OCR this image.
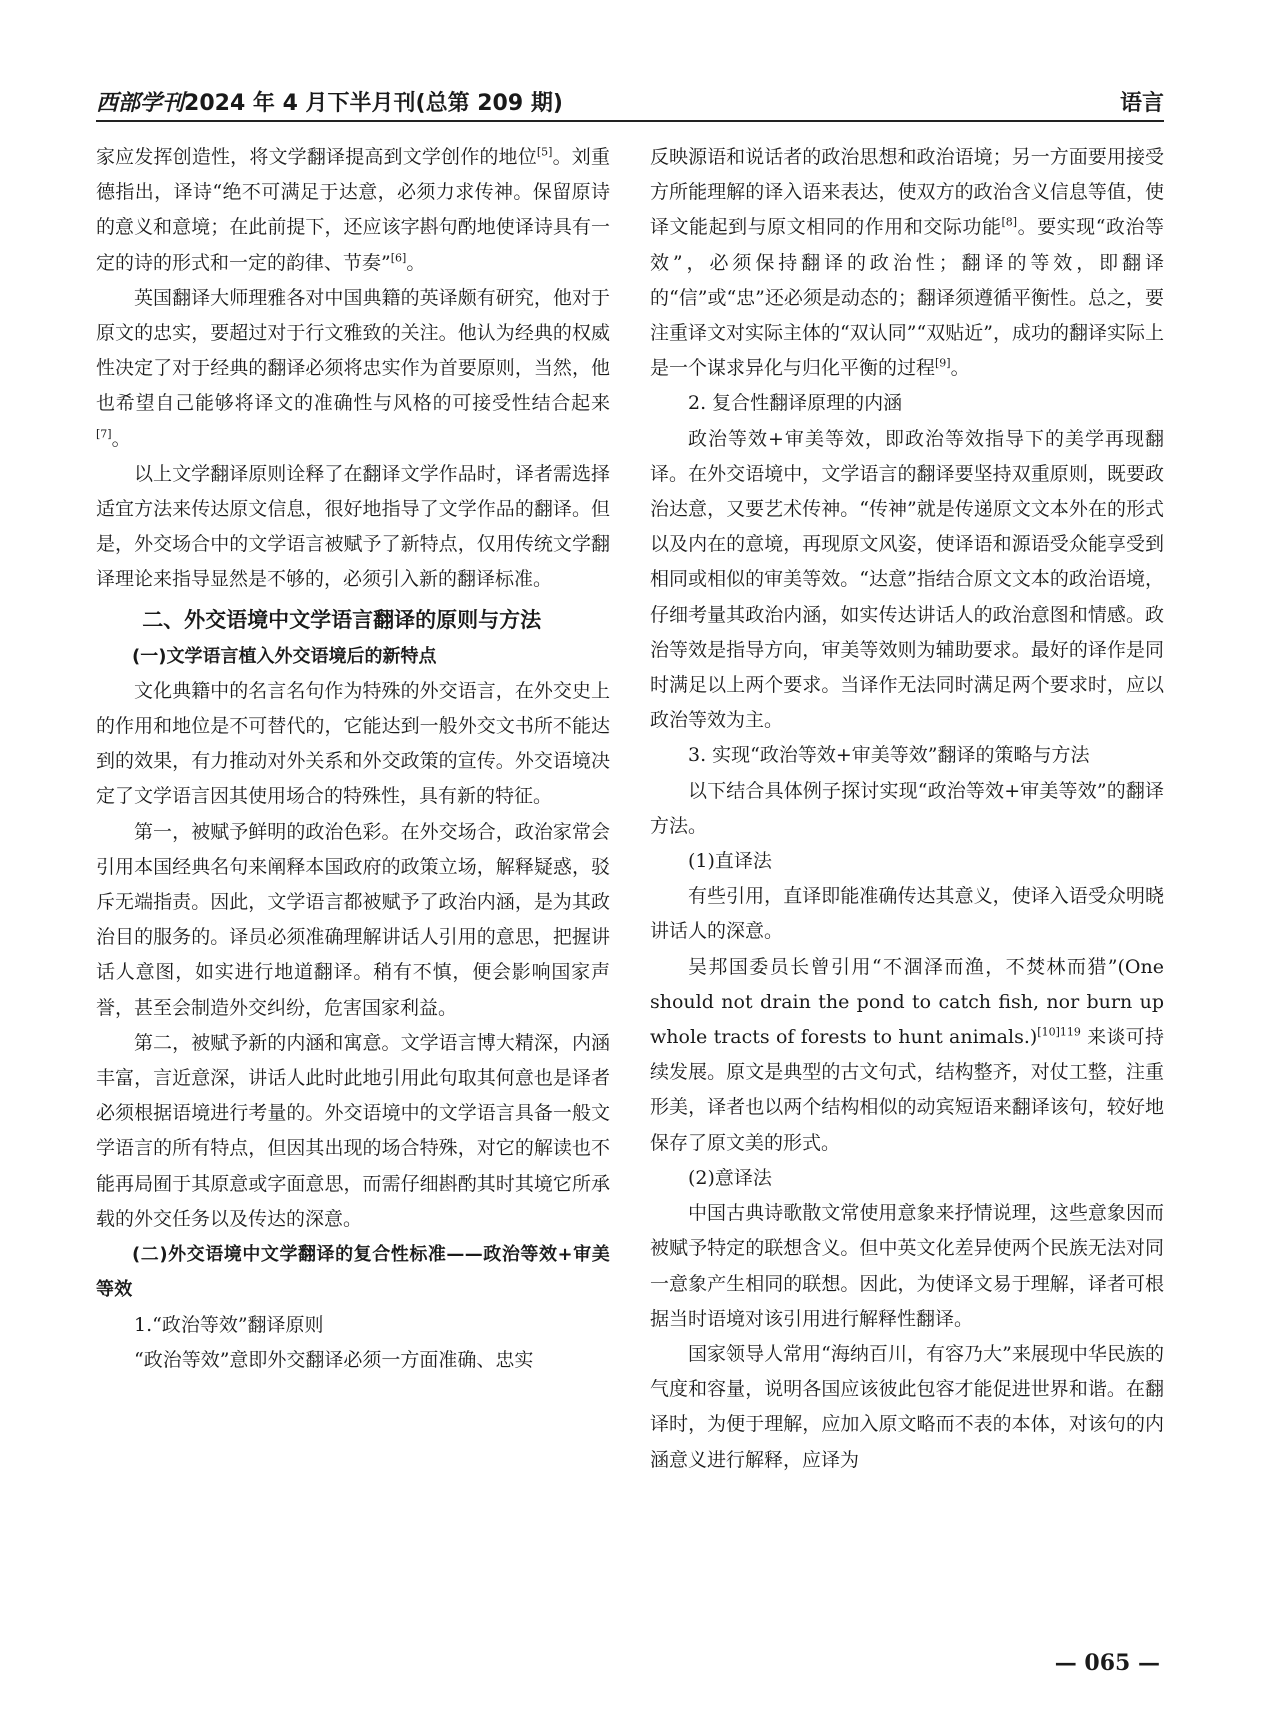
西部学刊2024 年 4 月下半月刊(总第 209 期)	语言

家应发挥创造性，将文学翻译提高到文学创作的地位[5]。刘重德指出，译诗“绝不可满足于达意，必须力求传神。保留原诗的意义和意境；在此前提下，还应该字斟句酌地使译诗具有一定的诗的形式和一定的韵律、节奏”[6]。

英国翻译大师理雅各对中国典籍的英译颇有研究，他对于原文的忠实，要超过对于行文雅致的关注。他认为经典的权威性决定了对于经典的翻译必须将忠实作为首要原则，当然，他也希望自己能够将译文的准确性与风格的可接受性结合起来[7]。

以上文学翻译原则诠释了在翻译文学作品时，译者需选择适宜方法来传达原文信息，很好地指导了文学作品的翻译。但是，外交场合中的文学语言被赋予了新特点，仅用传统文学翻译理论来指导显然是不够的，必须引入新的翻译标准。

二、外交语境中文学语言翻译的原则与方法
(一)文学语言植入外交语境后的新特点

文化典籍中的名言名句作为特殊的外交语言，在外交史上的作用和地位是不可替代的，它能达到一般外交文书所不能达到的效果，有力推动对外关系和外交政策的宣传。外交语境决定了文学语言因其使用场合的特殊性，具有新的特征。

第一，被赋予鲜明的政治色彩。在外交场合，政治家常会引用本国经典名句来阐释本国政府的政策立场，解释疑惑，驳斥无端指责。因此，文学语言都被赋予了政治内涵，是为其政治目的服务的。译员必须准确理解讲话人引用的意思，把握讲话人意图，如实进行地道翻译。稍有不慎，便会影响国家声誉，甚至会制造外交纠纷，危害国家利益。

第二，被赋予新的内涵和寓意。文学语言博大精深，内涵丰富，言近意深，讲话人此时此地引用此句取其何意也是译者必须根据语境进行考量的。外交语境中的文学语言具备一般文学语言的所有特点，但因其出现的场合特殊，对它的解读也不能再局囿于其原意或字面意思，而需仔细斟酌其时其境它所承载的外交任务以及传达的深意。

(二)外交语境中文学翻译的复合性标准——政治等效+审美等效
1.“政治等效”翻译原则

“政治等效”意即外交翻译必须一方面准确、忠实

反映源语和说话者的政治思想和政治语境；另一方面要用接受方所能理解的译入语来表达，使双方的政治含义信息等值，使译文能起到与原文相同的作用和交际功能[8]。要实现“政治等效”，必须保持翻译的政治性；翻译的等效，即翻译的“信”或“忠”还必须是动态的；翻译须遵循平衡性。总之，要注重译文对实际主体的“双认同”“双贴近”，成功的翻译实际上是一个谋求异化与归化平衡的过程[9]。

2. 复合性翻译原理的内涵

政治等效+审美等效，即政治等效指导下的美学再现翻译。在外交语境中，文学语言的翻译要坚持双重原则，既要政治达意，又要艺术传神。“传神”就是传递原文文本外在的形式以及内在的意境，再现原文风姿，使译语和源语受众能享受到相同或相似的审美等效。“达意”指结合原文文本的政治语境，仔细考量其政治内涵，如实传达讲话人的政治意图和情感。政治等效是指导方向，审美等效则为辅助要求。最好的译作是同时满足以上两个要求。当译作无法同时满足两个要求时，应以政治等效为主。

3. 实现“政治等效+审美等效”翻译的策略与方法

以下结合具体例子探讨实现“政治等效+审美等效”的翻译方法。

(1)直译法

有些引用，直译即能准确传达其意义，使译入语受众明晓讲话人的深意。

吴邦国委员长曾引用“不涸泽而渔，不焚林而猎”(One should not drain the pond to catch fish, nor burn up whole tracts of forests to hunt animals.)$^{[10]119}$ 来谈可持续发展。原文是典型的古文句式，结构整齐，对仗工整，注重形美，译者也以两个结构相似的动宾短语来翻译该句，较好地保存了原文美的形式。

(2)意译法

中国古典诗歌散文常使用意象来抒情说理，这些意象因而被赋予特定的联想含义。但中英文化差异使两个民族无法对同一意象产生相同的联想。因此，为使译文易于理解，译者可根据当时语境对该引用进行解释性翻译。

国家领导人常用“海纳百川，有容乃大”来展现中华民族的气度和容量，说明各国应该彼此包容才能促进世界和谐。在翻译时，为便于理解，应加入原文略而不表的本体，对该句的内涵意义进行解释，应译为

— 065 —
